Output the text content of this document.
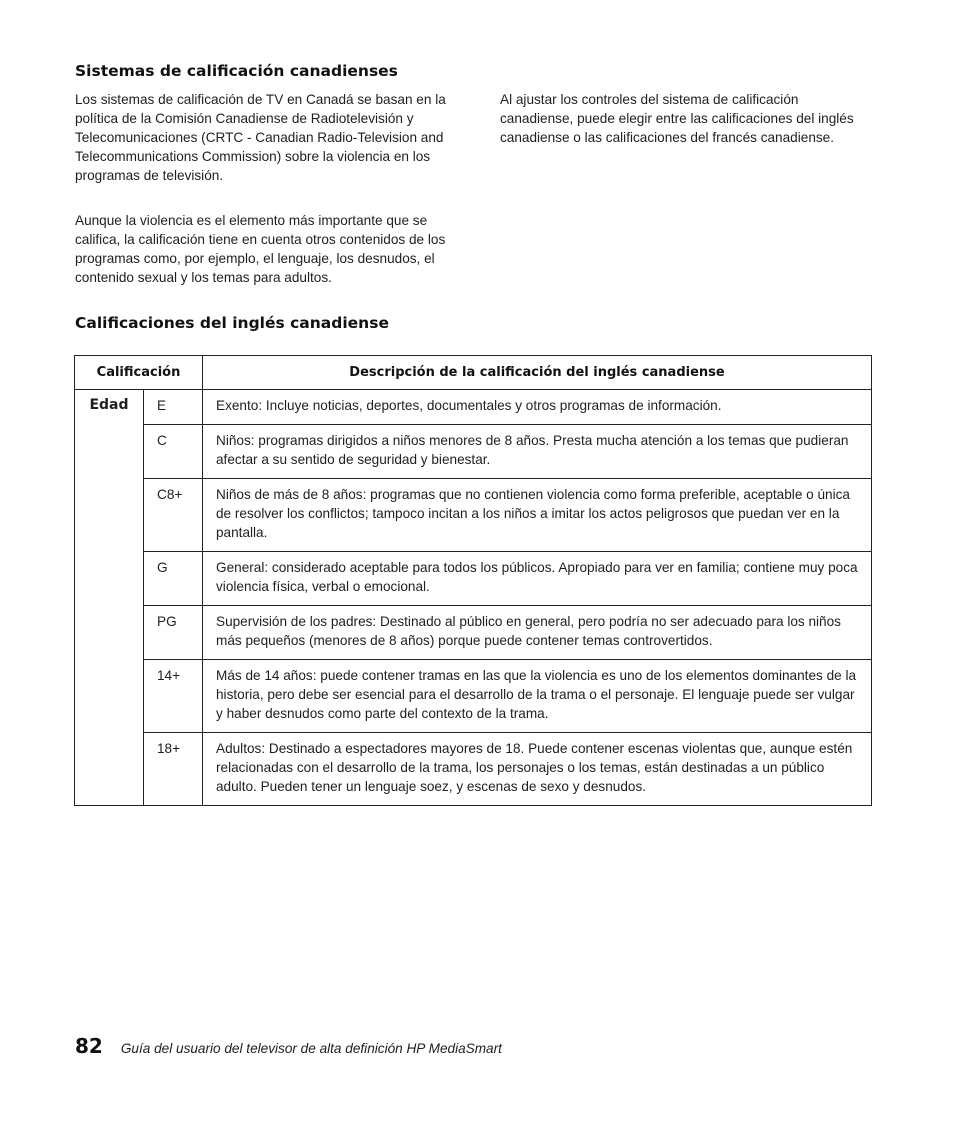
Sistemas de calificación canadienses

Los sistemas de calificación de TV en Canadá se basan en la política de la Comisión Canadiense de Radiotelevisión y Telecomunicaciones (CRTC - Canadian Radio-Television and Telecommunications Commission) sobre la violencia en los programas de televisión.

Aunque la violencia es el elemento más importante que se califica, la calificación tiene en cuenta otros contenidos de los programas como, por ejemplo, el lenguaje, los desnudos, el contenido sexual y los temas para adultos.

Al ajustar los controles del sistema de calificación canadiense, puede elegir entre las calificaciones del inglés canadiense o las calificaciones del francés canadiense.

Calificaciones del inglés canadiense
Calificación		Descripción de la calificación del inglés canadiense
Edad	E	Exento: Incluye noticias, deportes, documentales y otros programas de información.
	C	Niños: programas dirigidos a niños menores de 8 años. Presta mucha atención a los temas que pudieran afectar a su sentido de seguridad y bienestar.
	C8+	Niños de más de 8 años: programas que no contienen violencia como forma preferible, aceptable o única de resolver los conflictos; tampoco incitan a los niños a imitar los actos peligrosos que puedan ver en la pantalla.
	G	General: considerado aceptable para todos los públicos. Apropiado para ver en familia; contiene muy poca violencia física, verbal o emocional.
	PG	Supervisión de los padres: Destinado al público en general, pero podría no ser adecuado para los niños más pequeños (menores de 8 años) porque puede contener temas controvertidos.
	14+	Más de 14 años: puede contener tramas en las que la violencia es uno de los elementos dominantes de la historia, pero debe ser esencial para el desarrollo de la trama o el personaje. El lenguaje puede ser vulgar y haber desnudos como parte del contexto de la trama.
	18+	Adultos: Destinado a espectadores mayores de 18. Puede contener escenas violentas que, aunque estén relacionadas con el desarrollo de la trama, los personajes o los temas, están destinadas a un público adulto. Pueden tener un lenguaje soez, y escenas de sexo y desnudos.
82 Guía del usuario del televisor de alta definición HP MediaSmart
